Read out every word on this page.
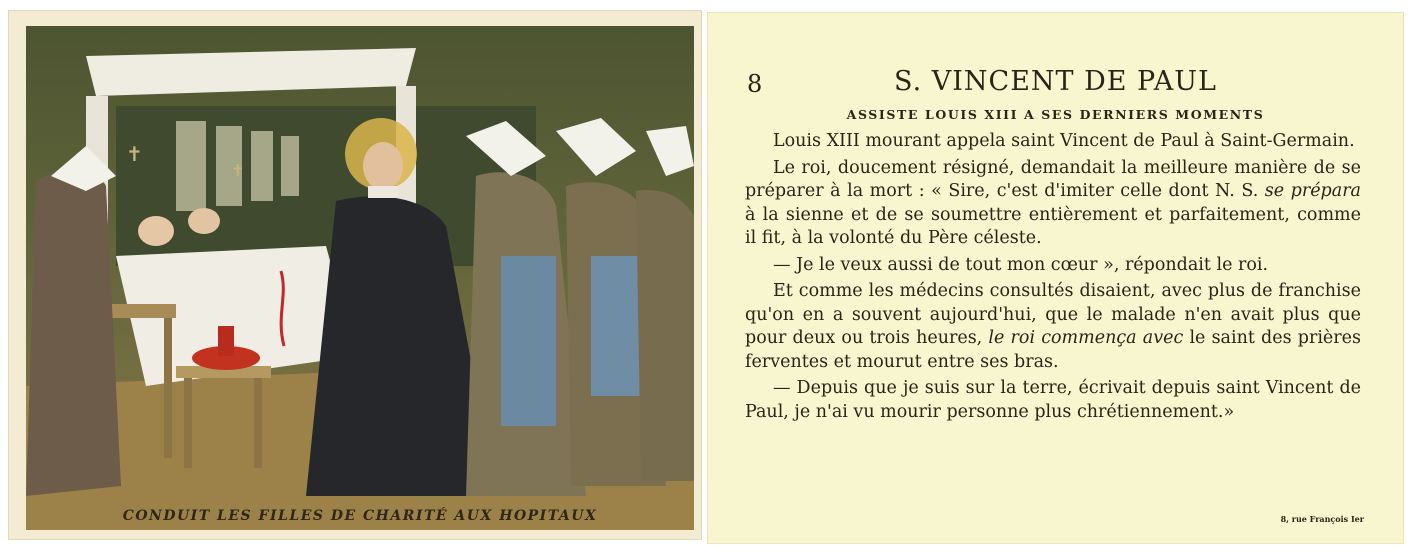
✝
✝
CONDUIT LES FILLES DE CHARITÉ AUX HOPITAUX
8	S. VINCENT DE PAUL
ASSISTE LOUIS XIII A SES DERNIERS MOMENTS

Louis XIII mourant appela saint Vincent de Paul à Saint-Germain.

Le roi, doucement résigné, demandait la meilleure manière de se préparer à la mort : « Sire, c'est d'imiter celle dont N. S. se prépara à la sienne et de se soumettre entièrement et parfaitement, comme il fit, à la volonté du Père céleste.

— Je le veux aussi de tout mon cœur », répondait le roi.

Et comme les médecins consultés disaient, avec plus de franchise qu'on en a souvent aujourd'hui, que le malade n'en avait plus que pour deux ou trois heures, le roi commença avec le saint des prières ferventes et mourut entre ses bras.

— Depuis que je suis sur la terre, écrivait depuis saint Vincent de Paul, je n'ai vu mourir personne plus chrétiennement.»

8, rue François Ier
